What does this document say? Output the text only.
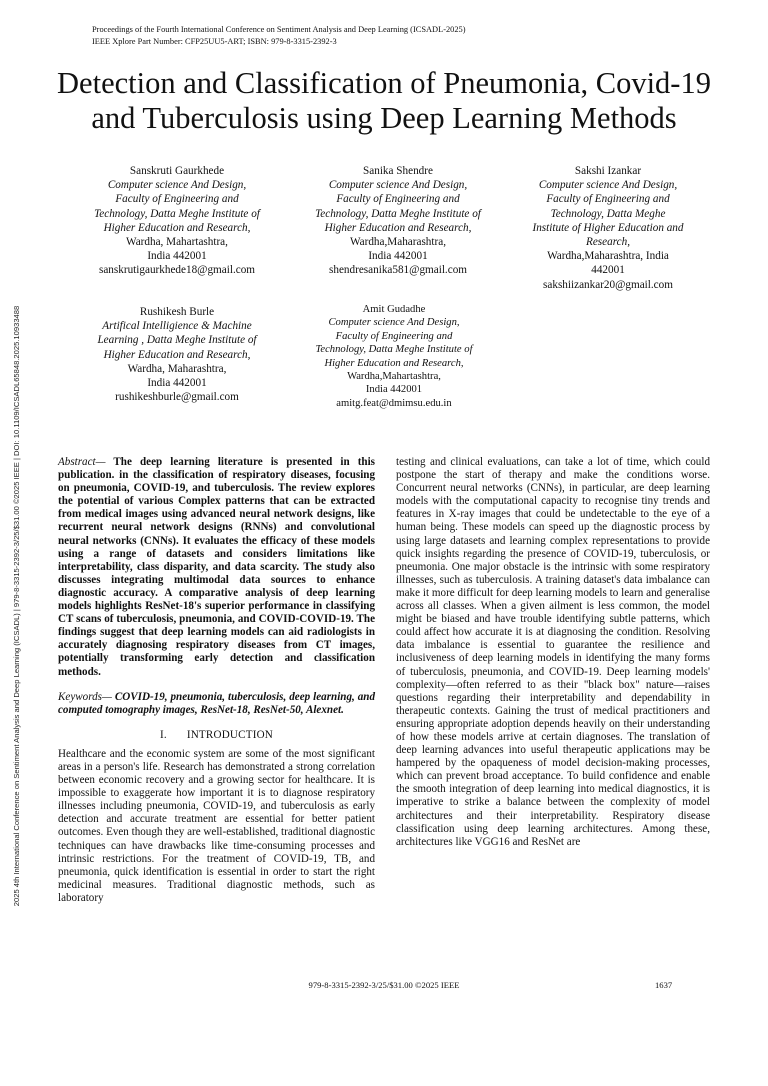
Proceedings of the Fourth International Conference on Sentiment Analysis and Deep Learning (ICSADL-2025)
IEEE Xplore Part Number: CFP25UU5-ART; ISBN: 979-8-3315-2392-3
2025 4th International Conference on Sentiment Analysis and Deep Learning (ICSADL) | 979-8-3315-2392-3/25/$31.00 ©2025 IEEE | DOI: 10.1109/ICSADL65848.2025.10933488
Detection and Classification of Pneumonia, Covid-19
and Tuberculosis using Deep Learning Methods
Sanskruti Gaurkhede
Computer science And Design,
Faculty of Engineering and
Technology, Datta Meghe Institute of
Higher Education and Research,
Wardha, Mahartashtra,
India 442001
sanskrutigaurkhede18@gmail.com
Sanika Shendre
Computer science And Design,
Faculty of Engineering and
Technology, Datta Meghe Institute of
Higher Education and Research,
Wardha,Maharashtra,
India 442001
shendresanika581@gmail.com
Sakshi Izankar
Computer science And Design,
Faculty of Engineering and
Technology, Datta Meghe
Institute of Higher Education and
Research,
Wardha,Maharashtra, India
442001
sakshiizankar20@gmail.com
Rushikesh Burle
Artifical Intelligience & Machine
Learning , Datta Meghe Institute of
Higher Education and Research,
Wardha, Maharashtra,
India 442001
rushikeshburle@gmail.com
Amit Gudadhe
Computer science And Design,
Faculty of Engineering and
Technology, Datta Meghe Institute of
Higher Education and Research,
Wardha,Mahartashtra,
India 442001
amitg.feat@dmimsu.edu.in

Abstract— The deep learning literature is presented in this publication. in the classification of respiratory diseases, focusing on pneumonia, COVID-19, and tuberculosis. The review explores the potential of various Complex patterns that can be extracted from medical images using advanced neural network designs, like recurrent neural network designs (RNNs) and convolutional neural networks (CNNs). It evaluates the efficacy of these models using a range of datasets and considers limitations like interpretability, class disparity, and data scarcity. The study also discusses integrating multimodal data sources to enhance diagnostic accuracy. A comparative analysis of deep learning models highlights ResNet-18's superior performance in classifying CT scans of tuberculosis, pneumonia, and COVID-COVID-19. The findings suggest that deep learning models can aid radiologists in accurately diagnosing respiratory diseases from CT images, potentially transforming early detection and classification methods.

Keywords— COVID-19, pneumonia, tuberculosis, deep learning, and computed tomography images, ResNet-18, ResNet-50, Alexnet.

I. INTRODUCTION

Healthcare and the economic system are some of the most significant areas in a person's life. Research has demonstrated a strong correlation between economic recovery and a growing sector for healthcare. It is impossible to exaggerate how important it is to diagnose respiratory illnesses including pneumonia, COVID-19, and tuberculosis as early detection and accurate treatment are essential for better patient outcomes. Even though they are well-established, traditional diagnostic techniques can have drawbacks like time-consuming processes and intrinsic restrictions. For the treatment of COVID-19, TB, and pneumonia, quick identification is essential in order to start the right medicinal measures. Traditional diagnostic methods, such as laboratory

testing and clinical evaluations, can take a lot of time, which could postpone the start of therapy and make the conditions worse. Concurrent neural networks (CNNs), in particular, are deep learning models with the computational capacity to recognise tiny trends and features in X-ray images that could be undetectable to the eye of a human being. These models can speed up the diagnostic process by using large datasets and learning complex representations to provide quick insights regarding the presence of COVID-19, tuberculosis, or pneumonia. One major obstacle is the intrinsic with some respiratory illnesses, such as tuberculosis. A training dataset's data imbalance can make it more difficult for deep learning models to learn and generalise across all classes. When a given ailment is less common, the model might be biased and have trouble identifying subtle patterns, which could affect how accurate it is at diagnosing the condition. Resolving data imbalance is essential to guarantee the resilience and inclusiveness of deep learning models in identifying the many forms of tuberculosis, pneumonia, and COVID-19. Deep learning models' complexity—often referred to as their "black box" nature—raises questions regarding their interpretability and dependability in therapeutic contexts. Gaining the trust of medical practitioners and ensuring appropriate adoption depends heavily on their understanding of how these models arrive at certain diagnoses. The translation of deep learning advances into useful therapeutic applications may be hampered by the opaqueness of model decision-making processes, which can prevent broad acceptance. To build confidence and enable the smooth integration of deep learning into medical diagnostics, it is imperative to strike a balance between the complexity of model architectures and their interpretability. Respiratory disease classification using deep learning architectures. Among these, architectures like VGG16 and ResNet are

979-8-3315-2392-3/25/$31.00 ©2025 IEEE	1637
